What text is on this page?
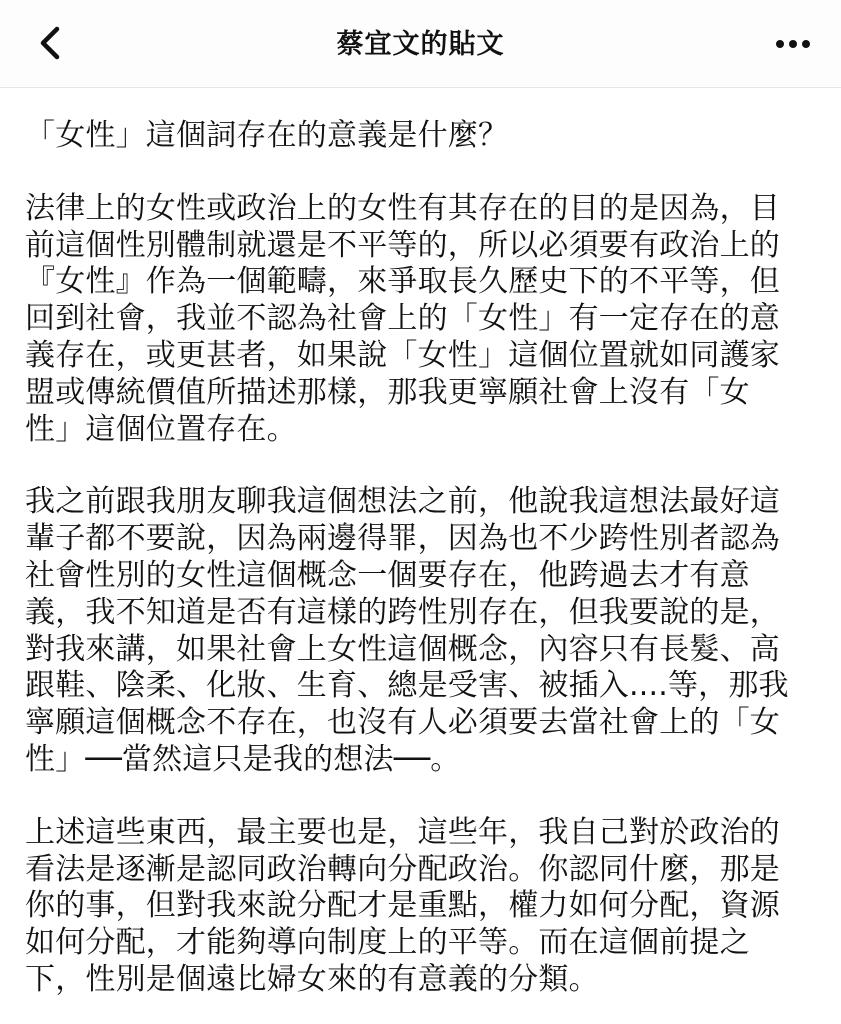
蔡宜文的貼文

「女性」這個詞存在的意義是什麼？

法律上的女性或政治上的女性有其存在的目的是因為，目
前這個性別體制就還是不平等的，所以必須要有政治上的
『女性』作為一個範疇，來爭取長久歷史下的不平等，但
回到社會，我並不認為社會上的「女性」有一定存在的意
義存在，或更甚者，如果說「女性」這個位置就如同護家
盟或傳統價值所描述那樣，那我更寧願社會上沒有「女
性」這個位置存在。

我之前跟我朋友聊我這個想法之前，他說我這想法最好這
輩子都不要說，因為兩邊得罪，因為也不少跨性別者認為
社會性別的女性這個概念一個要存在，他跨過去才有意
義，我不知道是否有這樣的跨性別存在，但我要說的是，
對我來講，如果社會上女性這個概念，內容只有長髮、高
跟鞋、陰柔、化妝、生育、總是受害、被插入....等，那我
寧願這個概念不存在，也沒有人必須要去當社會上的「女
性」──當然這只是我的想法──。

上述這些東西，最主要也是，這些年，我自己對於政治的
看法是逐漸是認同政治轉向分配政治。你認同什麼，那是
你的事，但對我來說分配才是重點，權力如何分配，資源
如何分配，才能夠導向制度上的平等。而在這個前提之
下，性別是個遠比婦女來的有意義的分類。
